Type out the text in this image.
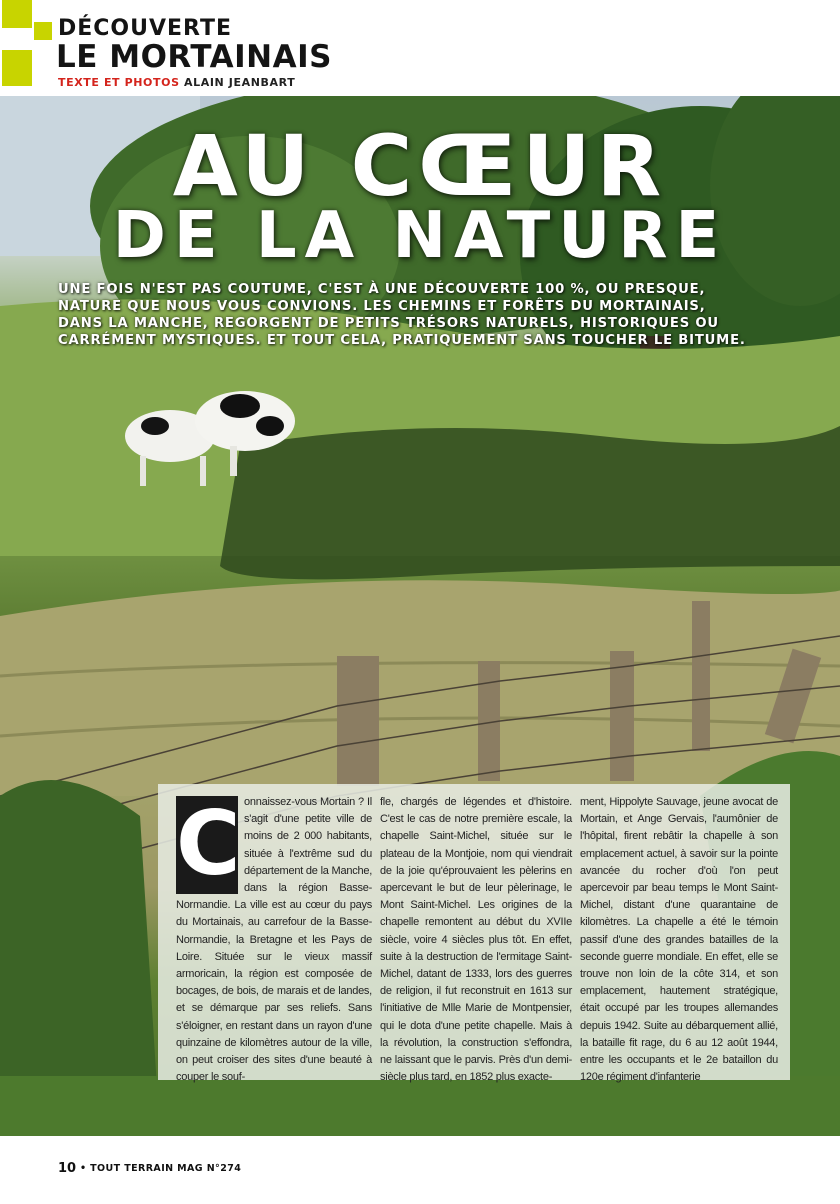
DÉCOUVERTE
LE MORTAINAIS
TEXTE ET PHOTOS ALAIN JEANBART
AU CŒUR
DE LA NATURE
UNE FOIS N'EST PAS COUTUME, C'EST À UNE DÉCOUVERTE 100 %, OU PRESQUE, NATURE QUE NOUS VOUS CONVIONS. LES CHEMINS ET FORÊTS DU MORTAINAIS, DANS LA MANCHE, REGORGENT DE PETITS TRÉSORS NATURELS, HISTORIQUES OU CARRÉMENT MYSTIQUES. ET TOUT CELA, PRATIQUEMENT SANS TOUCHER LE BITUME.
C onnaissez-vous Mortain ? Il s'agit d'une petite ville de moins de 2 000 habitants, située à l'extrême sud du département de la Manche, dans la région Basse-Normandie. La ville est au cœur du pays du Mortainais, au carrefour de la Basse-Normandie, la Bretagne et les Pays de Loire. Située sur le vieux massif armoricain, la région est composée de bocages, de bois, de marais et de landes, et se démarque par ses reliefs. Sans s'éloigner, en restant dans un rayon d'une quinzaine de kilomètres autour de la ville, on peut croiser des sites d'une beauté à couper le souf-
fle, chargés de légendes et d'histoire. C'est le cas de notre première escale, la chapelle Saint-Michel, située sur le plateau de la Montjoie, nom qui viendrait de la joie qu'éprouvaient les pèlerins en apercevant le but de leur pèlerinage, le Mont Saint-Michel. Les origines de la chapelle remontent au début du XVIIe siècle, voire 4 siècles plus tôt. En effet, suite à la destruction de l'ermitage Saint-Michel, datant de 1333, lors des guerres de religion, il fut reconstruit en 1613 sur l'initiative de Mlle Marie de Montpensier, qui le dota d'une petite chapelle. Mais à la révolution, la construction s'effondra, ne laissant que le parvis. Près d'un demi-siècle plus tard, en 1852 plus exacte-
ment, Hippolyte Sauvage, jeune avocat de Mortain, et Ange Gervais, l'aumônier de l'hôpital, firent rebâtir la chapelle à son emplacement actuel, à savoir sur la pointe avancée du rocher d'où l'on peut apercevoir par beau temps le Mont Saint-Michel, distant d'une quarantaine de kilomètres. La chapelle a été le témoin passif d'une des grandes batailles de la seconde guerre mondiale. En effet, elle se trouve non loin de la côte 314, et son emplacement, hautement stratégique, était occupé par les troupes allemandes depuis 1942. Suite au débarquement allié, la bataille fit rage, du 6 au 12 août 1944, entre les occupants et le 2e bataillon du 120e régiment d'infanterie
10 • TOUT TERRAIN MAG N°274
